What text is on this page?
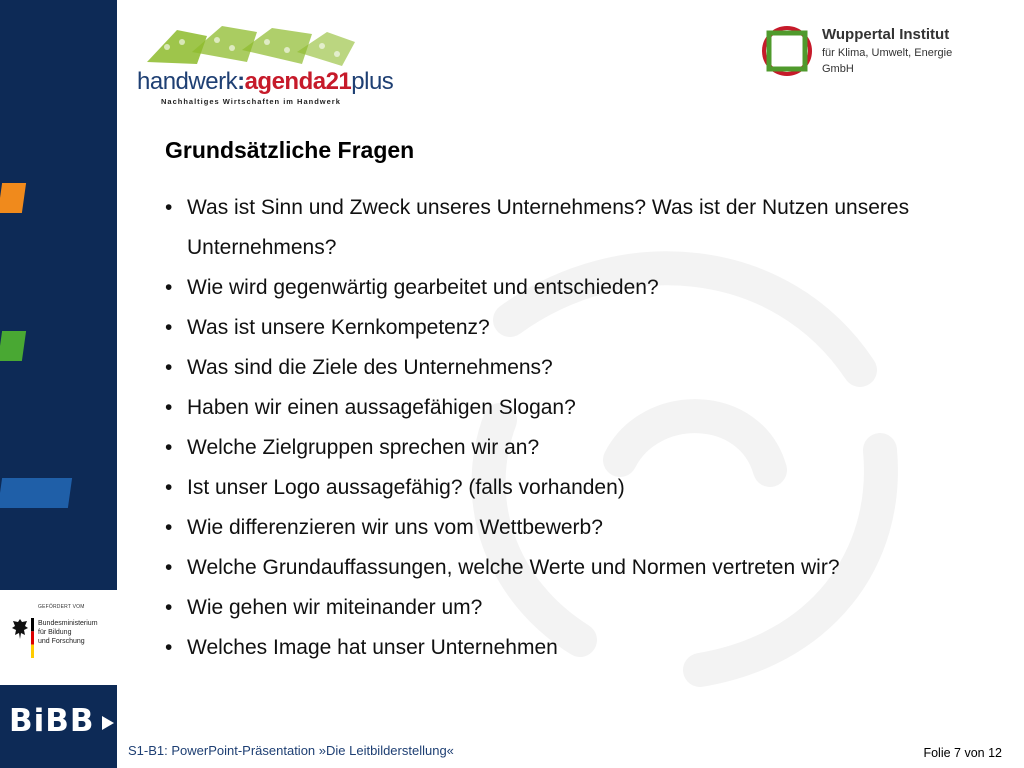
GEFÖRDERT VOM
Bundesministerium
für Bildung
und Forschung
BiBB
handwerk:agenda21plus
Nachhaltiges Wirtschaften im Handwerk
Wuppertal Institut
für Klima, Umwelt, Energie
GmbH
Grundsätzliche Fragen
• Was ist Sinn und Zweck unseres Unternehmens? Was ist der Nutzen unseres Unternehmens?
• Wie wird gegenwärtig gearbeitet und entschieden?
• Was ist unsere Kernkompetenz?
• Was sind die Ziele des Unternehmens?
• Haben wir einen aussagefähigen Slogan?
• Welche Zielgruppen sprechen wir an?
• Ist unser Logo aussagefähig? (falls vorhanden)
• Wie differenzieren wir uns vom Wettbewerb?
• Welche Grundauffassungen, welche Werte und Normen vertreten wir?
• Wie gehen wir miteinander um?
• Welches Image hat unser Unternehmen
S1-B1: PowerPoint-Präsentation »Die Leitbilderstellung«	Folie 7 von 12
